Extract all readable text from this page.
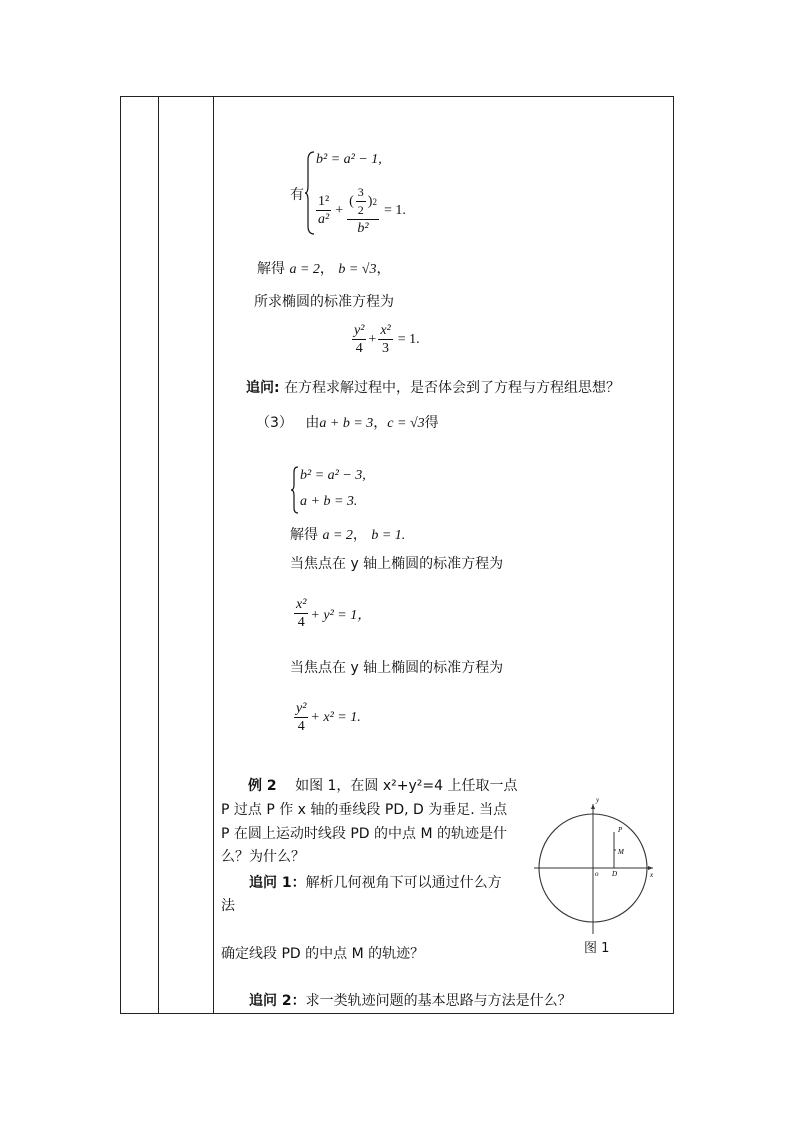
有
b² = a² − 1,
$\frac{\text{1²}}{\text{a²}} + \frac{( \frac{3}{2} ) 2}{\text{b²}} = 1$.
解得 a = 2， b = √3，
所求椭圆的标准方程为
$\frac{\text{y²}}{4} + \frac{\text{x²}}{3} = 1$.
追问: 在方程求解过程中，是否体会到了方程与方程组思想？
（3） 由a + b = 3，c = √3得
b² = a² − 3,
a + b = 3.
解得 a = 2， b = 1.
当焦点在 y 轴上椭圆的标准方程为
$\frac{\text{x²}}{4} + y^2 = 1$，
当焦点在 y 轴上椭圆的标准方程为
$\frac{\text{y²}}{4} + x^2 = 1$.
例 2 如图 1，在圆 x²+y²=4 上任取一点
P 过点 P 作 x 轴的垂线段 PD, D 为垂足. 当点
P 在圆上运动时线段 PD 的中点 M 的轨迹是什
么？为什么？
追问 1：解析几何视角下可以通过什么方
法
确定线段 PD 的中点 M 的轨迹？
追问 2：求一类轨迹问题的基本思路与方法是什么？
y
x
o
P
M
D
图 1
